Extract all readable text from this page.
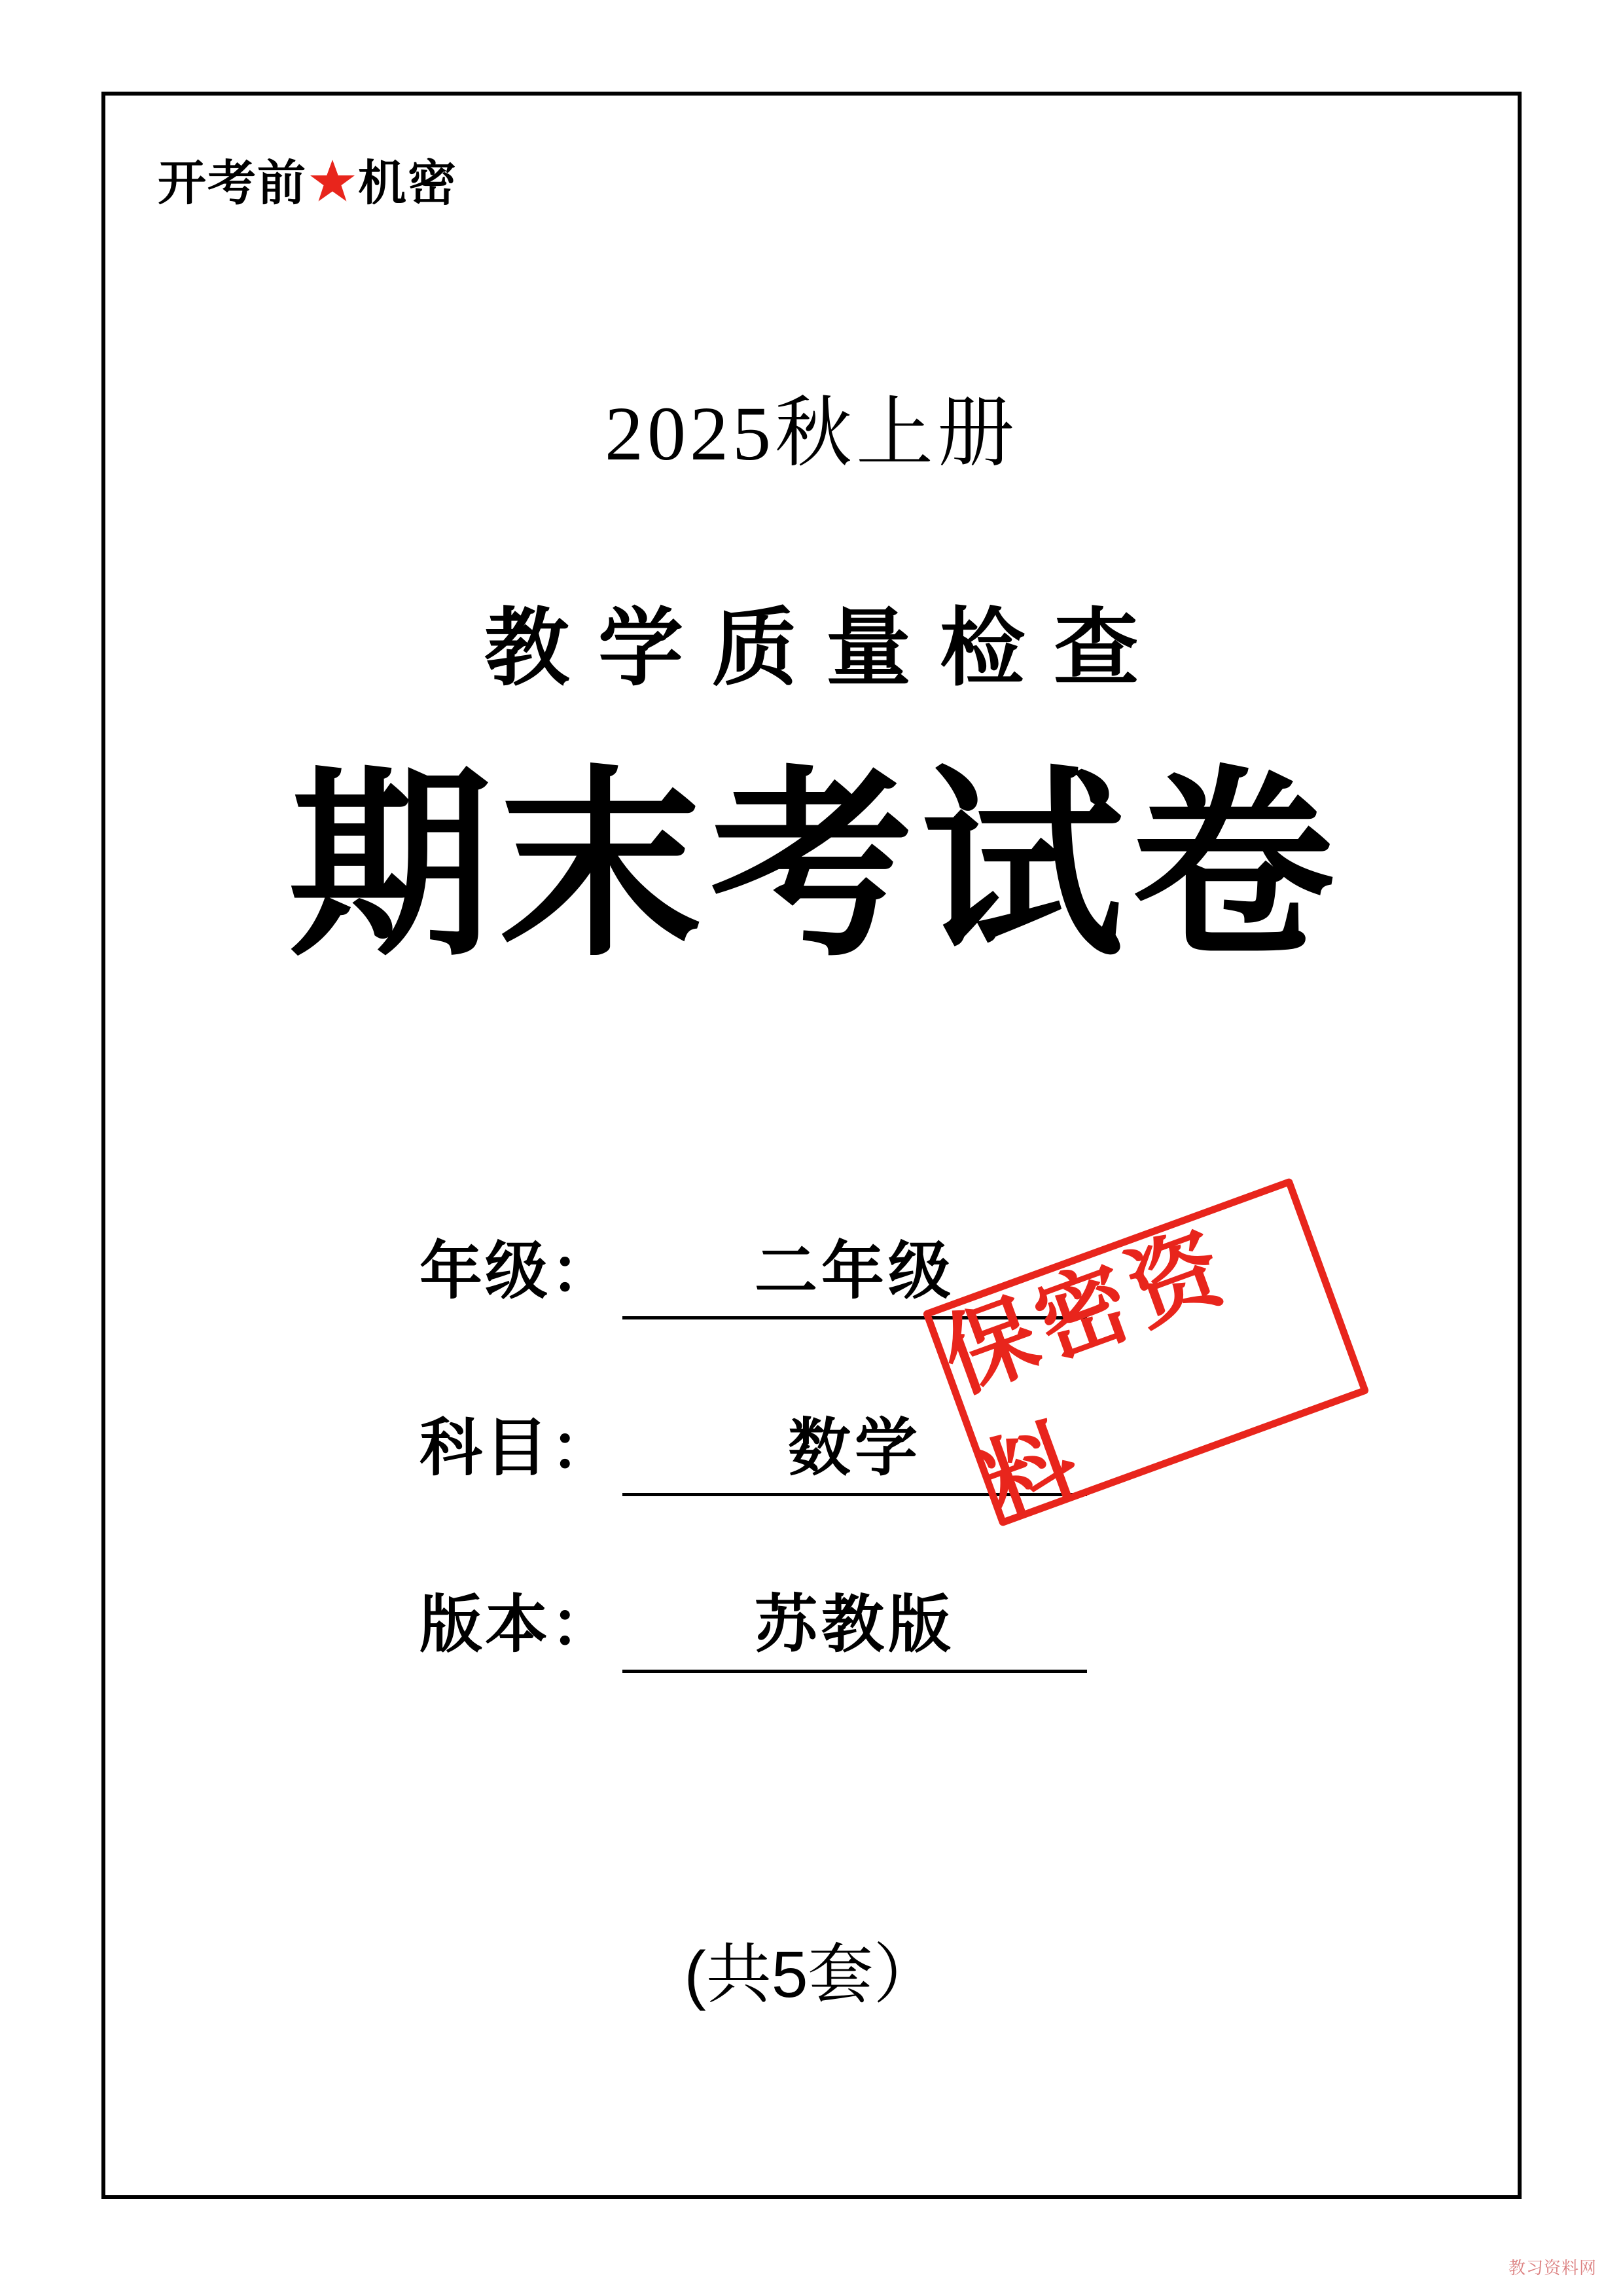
开考前 机密
2025秋上册
教学质量检查
期末考试卷
年级：	二年级
科目：	数学
版本：	苏教版
保密资料
(共5套）
教习资料网
